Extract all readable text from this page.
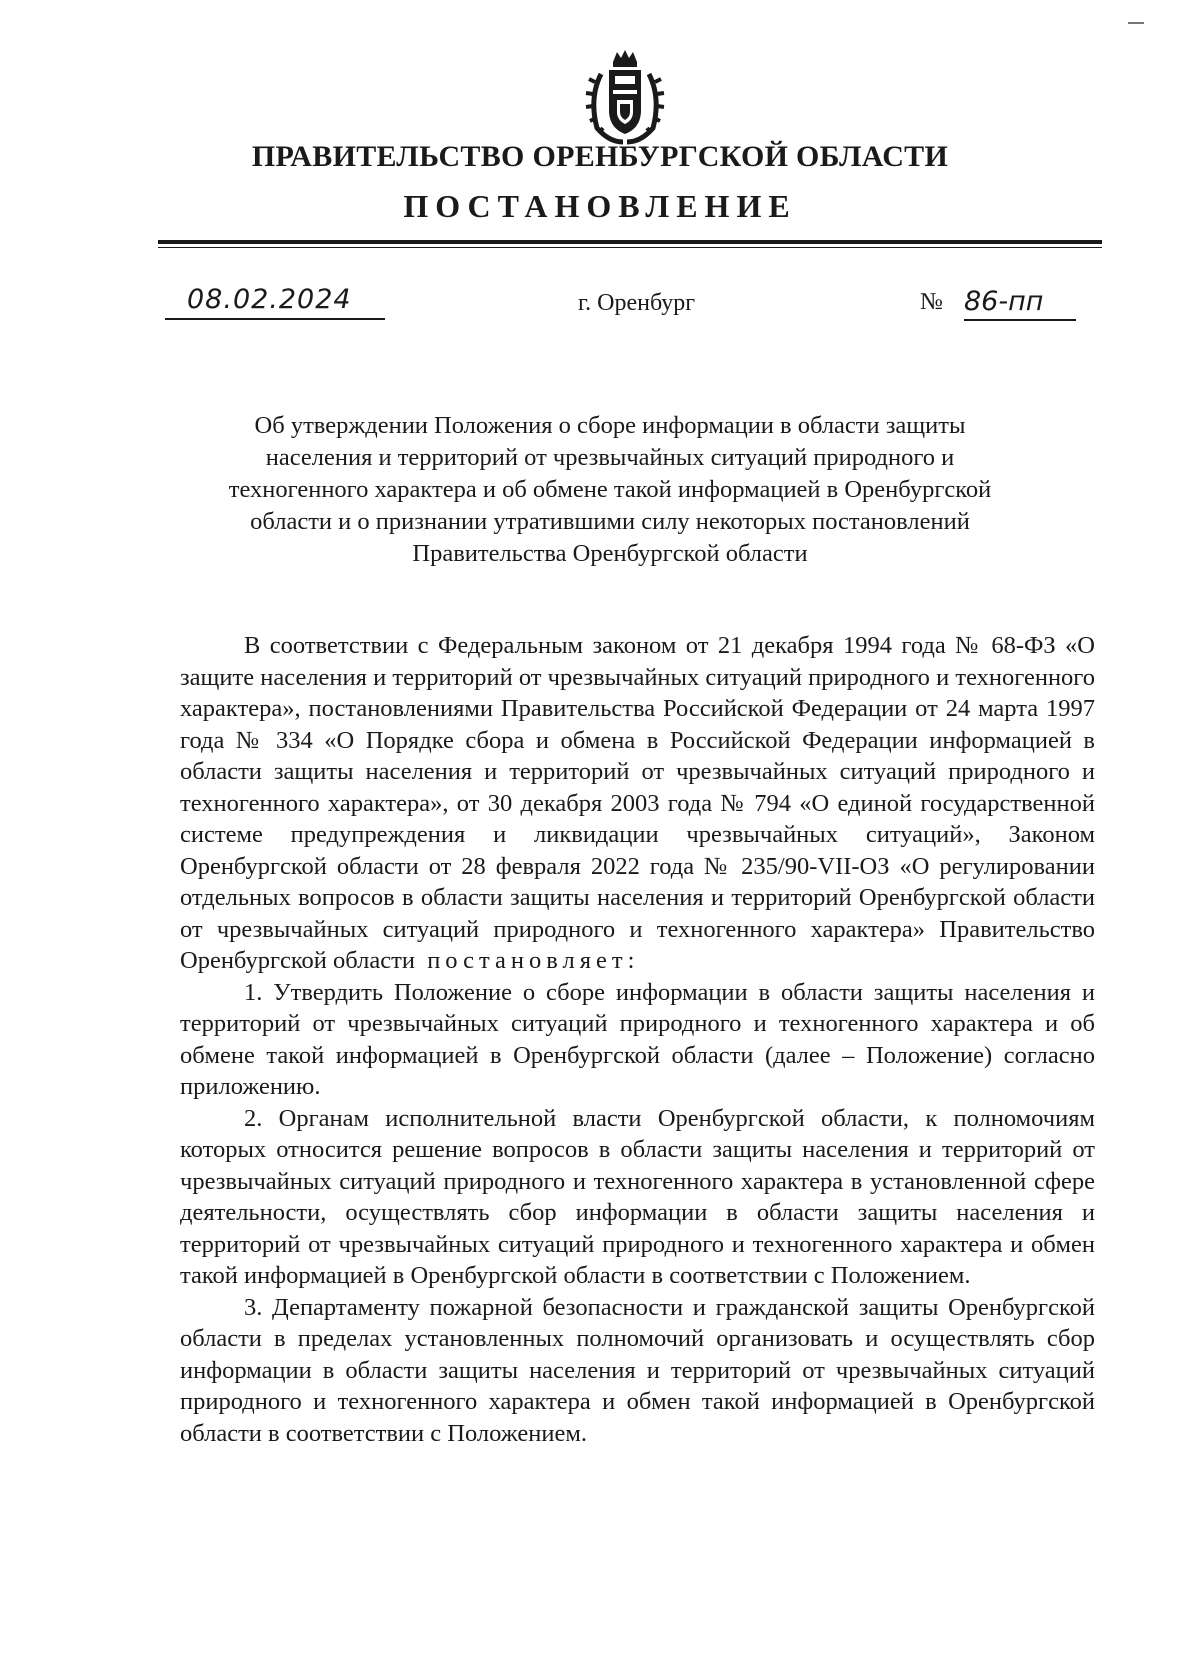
ПРАВИТЕЛЬСТВО ОРЕНБУРГСКОЙ ОБЛАСТИ
ПОСТАНОВЛЕНИЕ
08.02.2024	г. Оренбург	№ 86-пп
Об утверждении Положения о сборе информации в области защиты населения и территорий от чрезвычайных ситуаций природного и техногенного характера и об обмене такой информацией в Оренбургской области и о признании утратившими силу некоторых постановлений Правительства Оренбургской области

В соответствии с Федеральным законом от 21 декабря 1994 года № 68-ФЗ «О защите населения и территорий от чрезвычайных ситуаций природного и техногенного характера», постановлениями Правительства Российской Федерации от 24 марта 1997 года № 334 «О Порядке сбора и обмена в Российской Федерации информацией в области защиты населения и территорий от чрезвычайных ситуаций природного и техногенного характера», от 30 декабря 2003 года № 794 «О единой государственной системе предупреждения и ликвидации чрезвычайных ситуаций», Законом Оренбургской области от 28 февраля 2022 года № 235/90-VII-ОЗ «О регулировании отдельных вопросов в области защиты населения и территорий Оренбургской области от чрезвычайных ситуаций природного и техногенного характера» Правительство Оренбургской области постановляет:

1. Утвердить Положение о сборе информации в области защиты населения и территорий от чрезвычайных ситуаций природного и техногенного характера и об обмене такой информацией в Оренбургской области (далее – Положение) согласно приложению.

2. Органам исполнительной власти Оренбургской области, к полномочиям которых относится решение вопросов в области защиты населения и территорий от чрезвычайных ситуаций природного и техногенного характера в установленной сфере деятельности, осуществлять сбор информации в области защиты населения и территорий от чрезвычайных ситуаций природного и техногенного характера и обмен такой информацией в Оренбургской области в соответствии с Положением.

3. Департаменту пожарной безопасности и гражданской защиты Оренбургской области в пределах установленных полномочий организовать и осуществлять сбор информации в области защиты населения и территорий от чрезвычайных ситуаций природного и техногенного характера и обмен такой информацией в Оренбургской области в соответствии с Положением.
